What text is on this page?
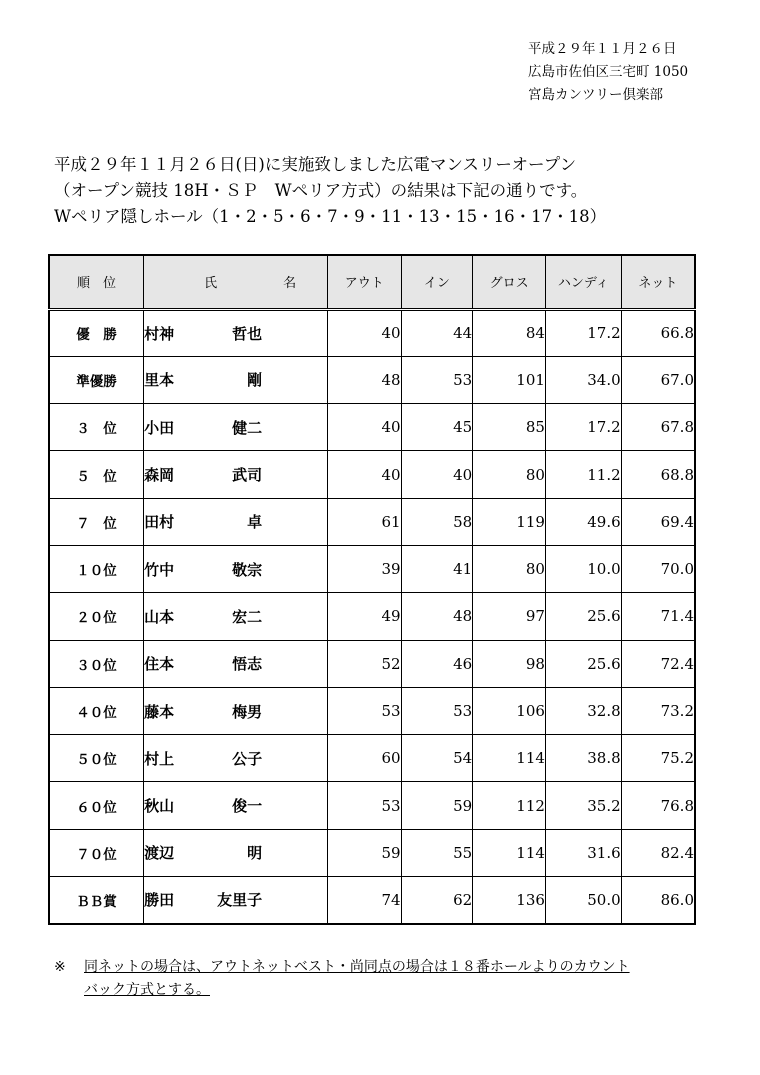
平成２９年１１月２６日
広島市佐伯区三宅町 1050
宮島カンツリー倶楽部
平成２９年１１月２６日(日)に実施致しました広電マンスリーオープン
（オープン競技 18H・ＳＰ　Wペリア方式）の結果は下記の通りです。
Wペリア隠しホール（1・2・5・6・7・9・11・13・15・16・17・18）
順　位	氏 名	アウト	イン	グロス	ハンディ	ネット
優　勝	村神 哲也	40	44	84	17.2	66.8
準優勝	里本 剛	48	53	101	34.0	67.0
３　位	小田 健二	40	45	85	17.2	67.8
５　位	森岡 武司	40	40	80	11.2	68.8
７　位	田村 卓	61	58	119	49.6	69.4
１０位	竹中 敬宗	39	41	80	10.0	70.0
２０位	山本 宏二	49	48	97	25.6	71.4
３０位	住本 悟志	52	46	98	25.6	72.4
４０位	藤本 梅男	53	53	106	32.8	73.2
５０位	村上 公子	60	54	114	38.8	75.2
６０位	秋山 俊一	53	59	112	35.2	76.8
７０位	渡辺 明	59	55	114	31.6	82.4
ＢＢ賞	勝田 友里子	74	62	136	50.0	86.0
※ 同ネットの場合は、アウトネットベスト・尚同点の場合は１８番ホールよりのカウント
バック方式とする。
